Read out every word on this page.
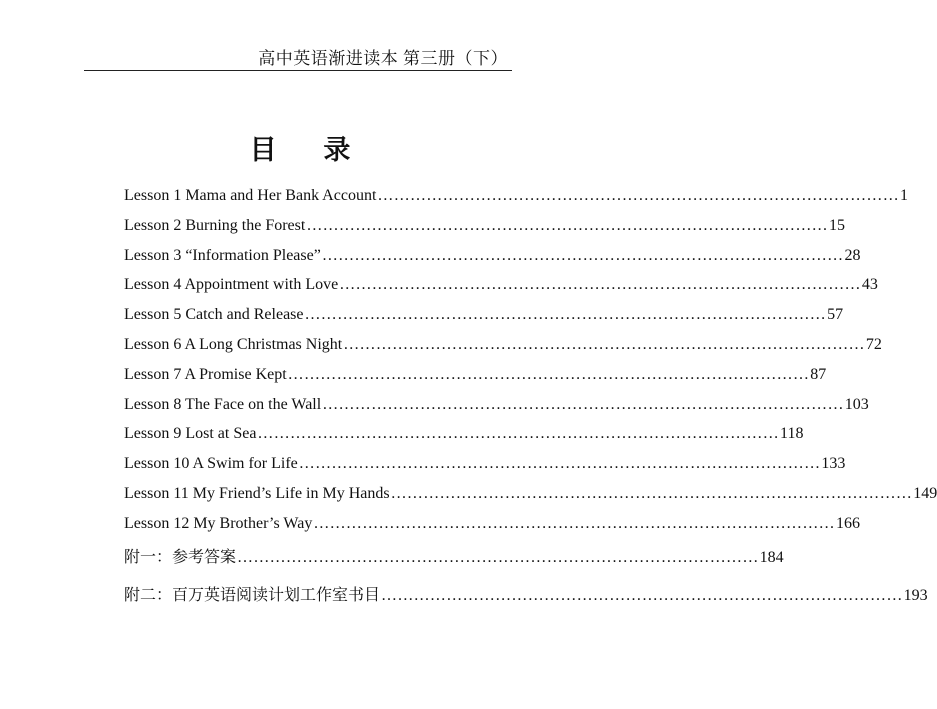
高中英语渐进读本 第三册（下）
目 录
Lesson 1 Mama and Her Bank Account …………………………………………………………………………………… 1
Lesson 2 Burning the Forest …………………………………………………………………………………… 15
Lesson 3 “Information Please” …………………………………………………………………………………… 28
Lesson 4 Appointment with Love …………………………………………………………………………………… 43
Lesson 5 Catch and Release …………………………………………………………………………………… 57
Lesson 6 A Long Christmas Night …………………………………………………………………………………… 72
Lesson 7 A Promise Kept …………………………………………………………………………………… 87
Lesson 8 The Face on the Wall …………………………………………………………………………………… 103
Lesson 9 Lost at Sea …………………………………………………………………………………… 118
Lesson 10 A Swim for Life …………………………………………………………………………………… 133
Lesson 11 My Friend’s Life in My Hands …………………………………………………………………………………… 149
Lesson 12 My Brother’s Way …………………………………………………………………………………… 166
附一：参考答案 …………………………………………………………………………………… 184
附二：百万英语阅读计划工作室书目 …………………………………………………………………………………… 193
